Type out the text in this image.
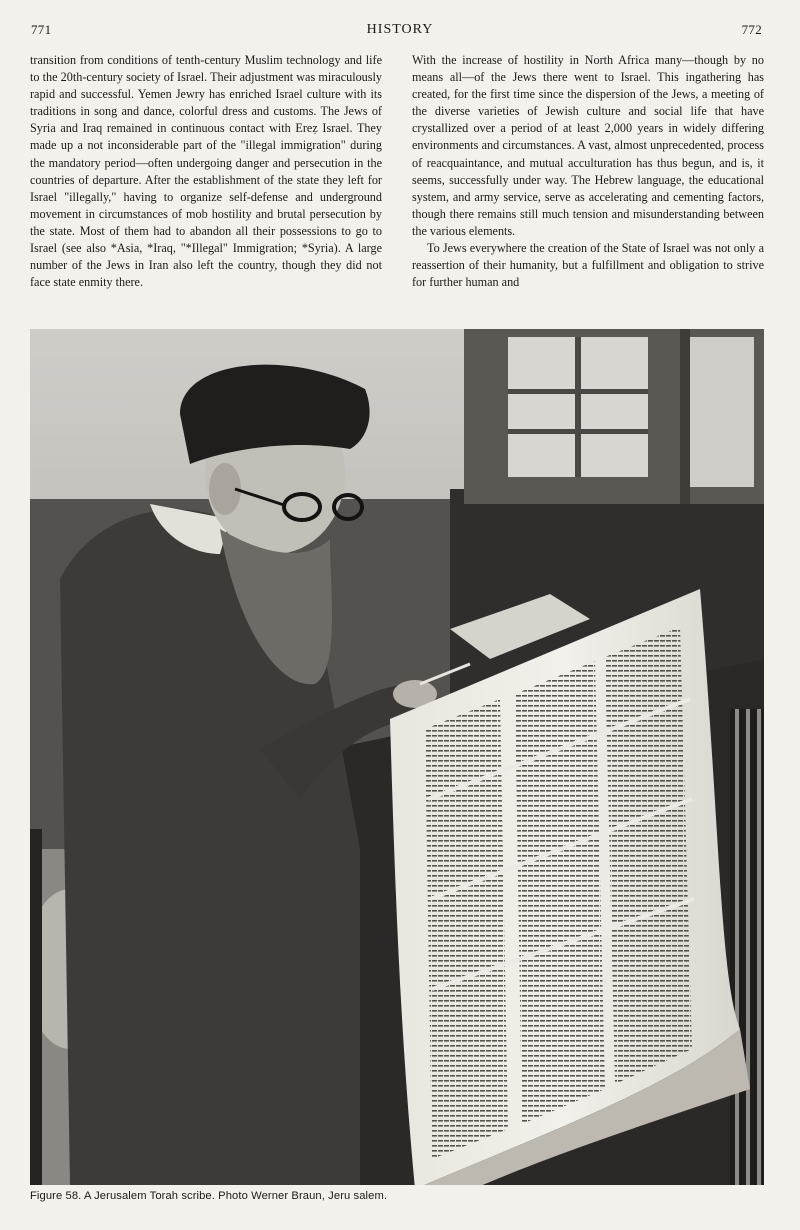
771	HISTORY	772

transition from conditions of tenth-century Muslim technology and life to the 20th-century society of Israel. Their adjustment was miraculously rapid and successful. Yemen Jewry has enriched Israel culture with its traditions in song and dance, colorful dress and customs. The Jews of Syria and Iraq remained in continuous contact with Ereẓ Israel. They made up a not inconsiderable part of the "illegal immigration" during the mandatory period—often undergoing danger and persecution in the countries of departure. After the establishment of the state they left for Israel "illegally," having to organize self-defense and underground movement in circumstances of mob hostility and brutal persecution by the state. Most of them had to abandon all their possessions to go to Israel (see also *Asia, *Iraq, "*Illegal" Immigration; *Syria). A large number of the Jews in Iran also left the country, though they did not face state enmity there.

With the increase of hostility in North Africa many—though by no means all—of the Jews there went to Israel. This ingathering has created, for the first time since the dispersion of the Jews, a meeting of the diverse varieties of Jewish culture and social life that have crystallized over a period of at least 2,000 years in widely differing environments and circumstances. A vast, almost unprecedented, process of reacquaintance, and mutual acculturation has thus begun, and is, it seems, successfully under way. The Hebrew language, the educational system, and army service, serve as accelerating and cementing factors, though there remains still much tension and misunderstanding between the various elements.

To Jews everywhere the creation of the State of Israel was not only a reassertion of their humanity, but a fulfillment and obligation to strive for further human and

Figure 58. A Jerusalem Torah scribe. Photo Werner Braun, Jeru salem.
